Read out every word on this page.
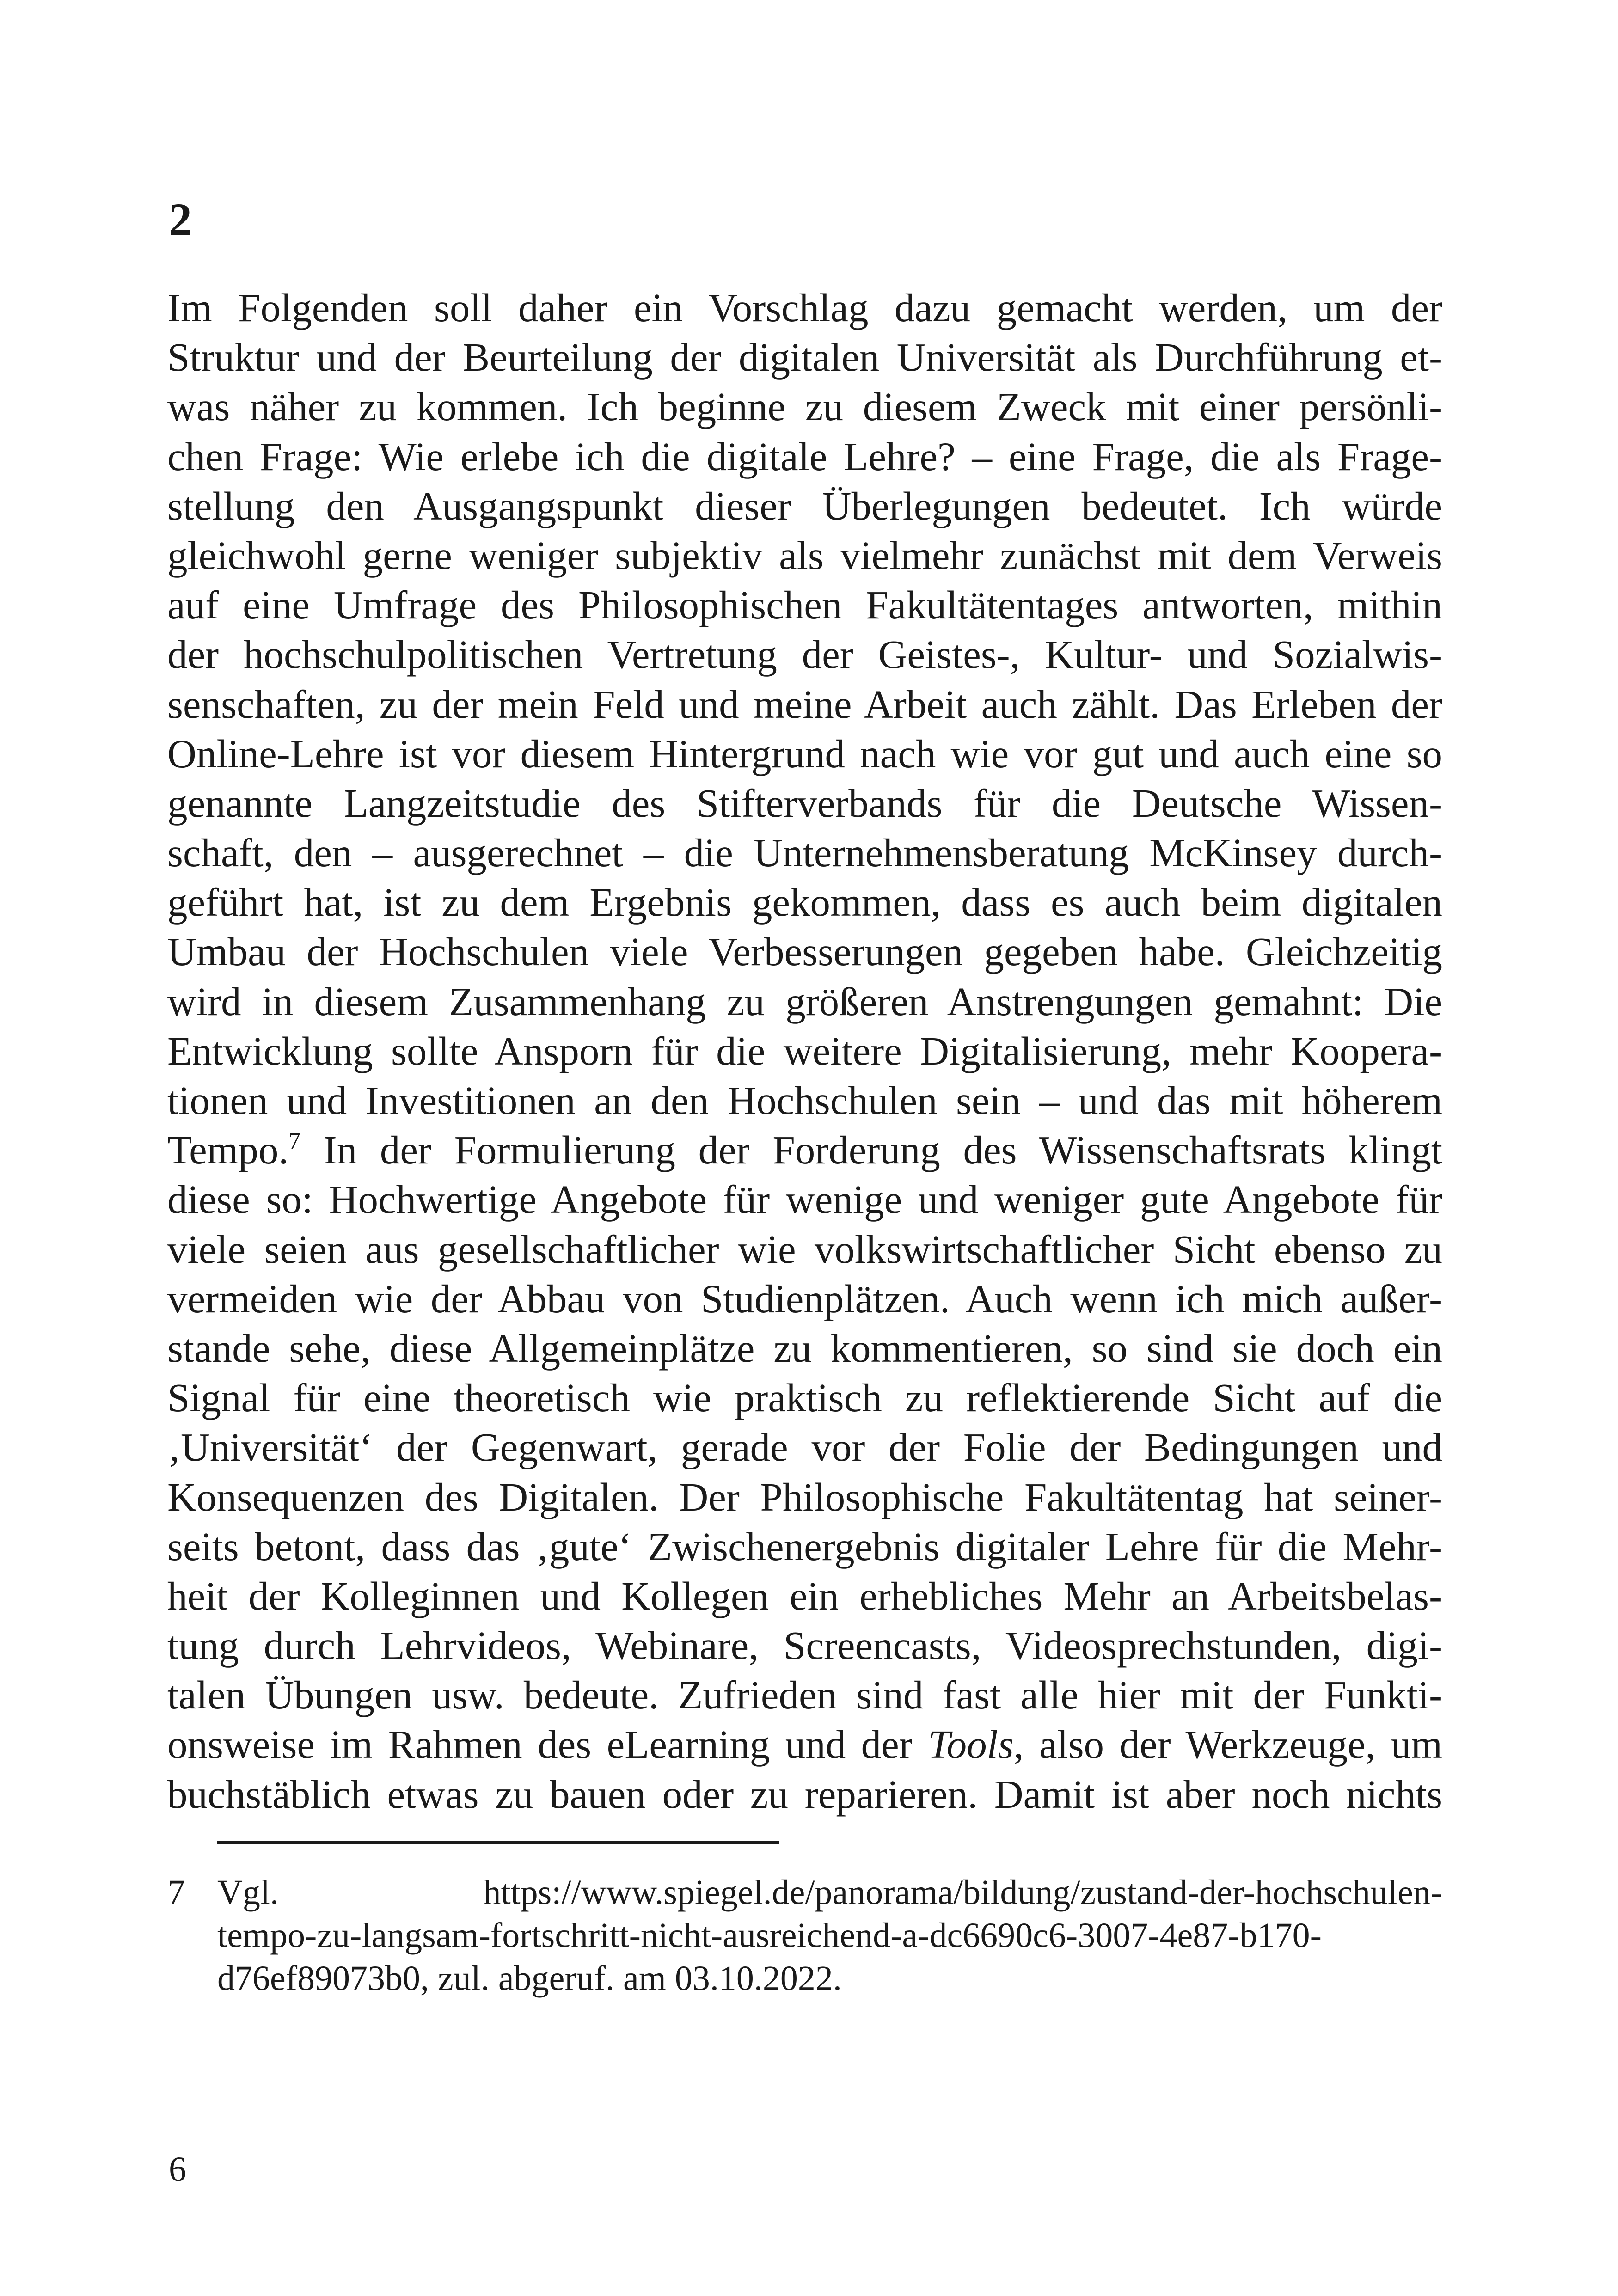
2
Im Folgenden soll daher ein Vorschlag dazu gemacht werden, um der
Struktur und der Beurteilung der digitalen Universität als Durchführung et-
was näher zu kommen. Ich beginne zu diesem Zweck mit einer persönli-
chen Frage: Wie erlebe ich die digitale Lehre? – eine Frage, die als Frage-
stellung den Ausgangspunkt dieser Überlegungen bedeutet. Ich würde
gleichwohl gerne weniger subjektiv als vielmehr zunächst mit dem Verweis
auf eine Umfrage des Philosophischen Fakultätentages antworten, mithin
der hochschulpolitischen Vertretung der Geistes-, Kultur- und Sozialwis-
senschaften, zu der mein Feld und meine Arbeit auch zählt. Das Erleben der
Online-Lehre ist vor diesem Hintergrund nach wie vor gut und auch eine so
genannte Langzeitstudie des Stifterverbands für die Deutsche Wissen-
schaft, den – ausgerechnet – die Unternehmensberatung McKinsey durch-
geführt hat, ist zu dem Ergebnis gekommen, dass es auch beim digitalen
Umbau der Hochschulen viele Verbesserungen gegeben habe. Gleichzeitig
wird in diesem Zusammenhang zu größeren Anstrengungen gemahnt: Die
Entwicklung sollte Ansporn für die weitere Digitalisierung, mehr Koopera-
tionen und Investitionen an den Hochschulen sein – und das mit höherem
Tempo.$^7$ In der Formulierung der Forderung des Wissenschaftsrats klingt
diese so: Hochwertige Angebote für wenige und weniger gute Angebote für
viele seien aus gesellschaftlicher wie volkswirtschaftlicher Sicht ebenso zu
vermeiden wie der Abbau von Studienplätzen. Auch wenn ich mich außer-
stande sehe, diese Allgemeinplätze zu kommentieren, so sind sie doch ein
Signal für eine theoretisch wie praktisch zu reflektierende Sicht auf die
‚Universität‘ der Gegenwart, gerade vor der Folie der Bedingungen und
Konsequenzen des Digitalen. Der Philosophische Fakultätentag hat seiner-
seits betont, dass das ‚gute‘ Zwischenergebnis digitaler Lehre für die Mehr-
heit der Kolleginnen und Kollegen ein erhebliches Mehr an Arbeitsbelas-
tung durch Lehrvideos, Webinare, Screencasts, Videosprechstunden, digi-
talen Übungen usw. bedeute. Zufrieden sind fast alle hier mit der Funkti-
onsweise im Rahmen des eLearning und der Tools, also der Werkzeuge, um
buchstäblich etwas zu bauen oder zu reparieren. Damit ist aber noch nichts
7 Vgl.        https://www.spiegel.de/panorama/bildung/zustand-der-hochschulen-
tempo-zu-langsam-fortschritt-nicht-ausreichend-a-dc6690c6-3007-4e87-b170-
d76ef89073b0, zul. abgeruf. am 03.10.2022.

6
